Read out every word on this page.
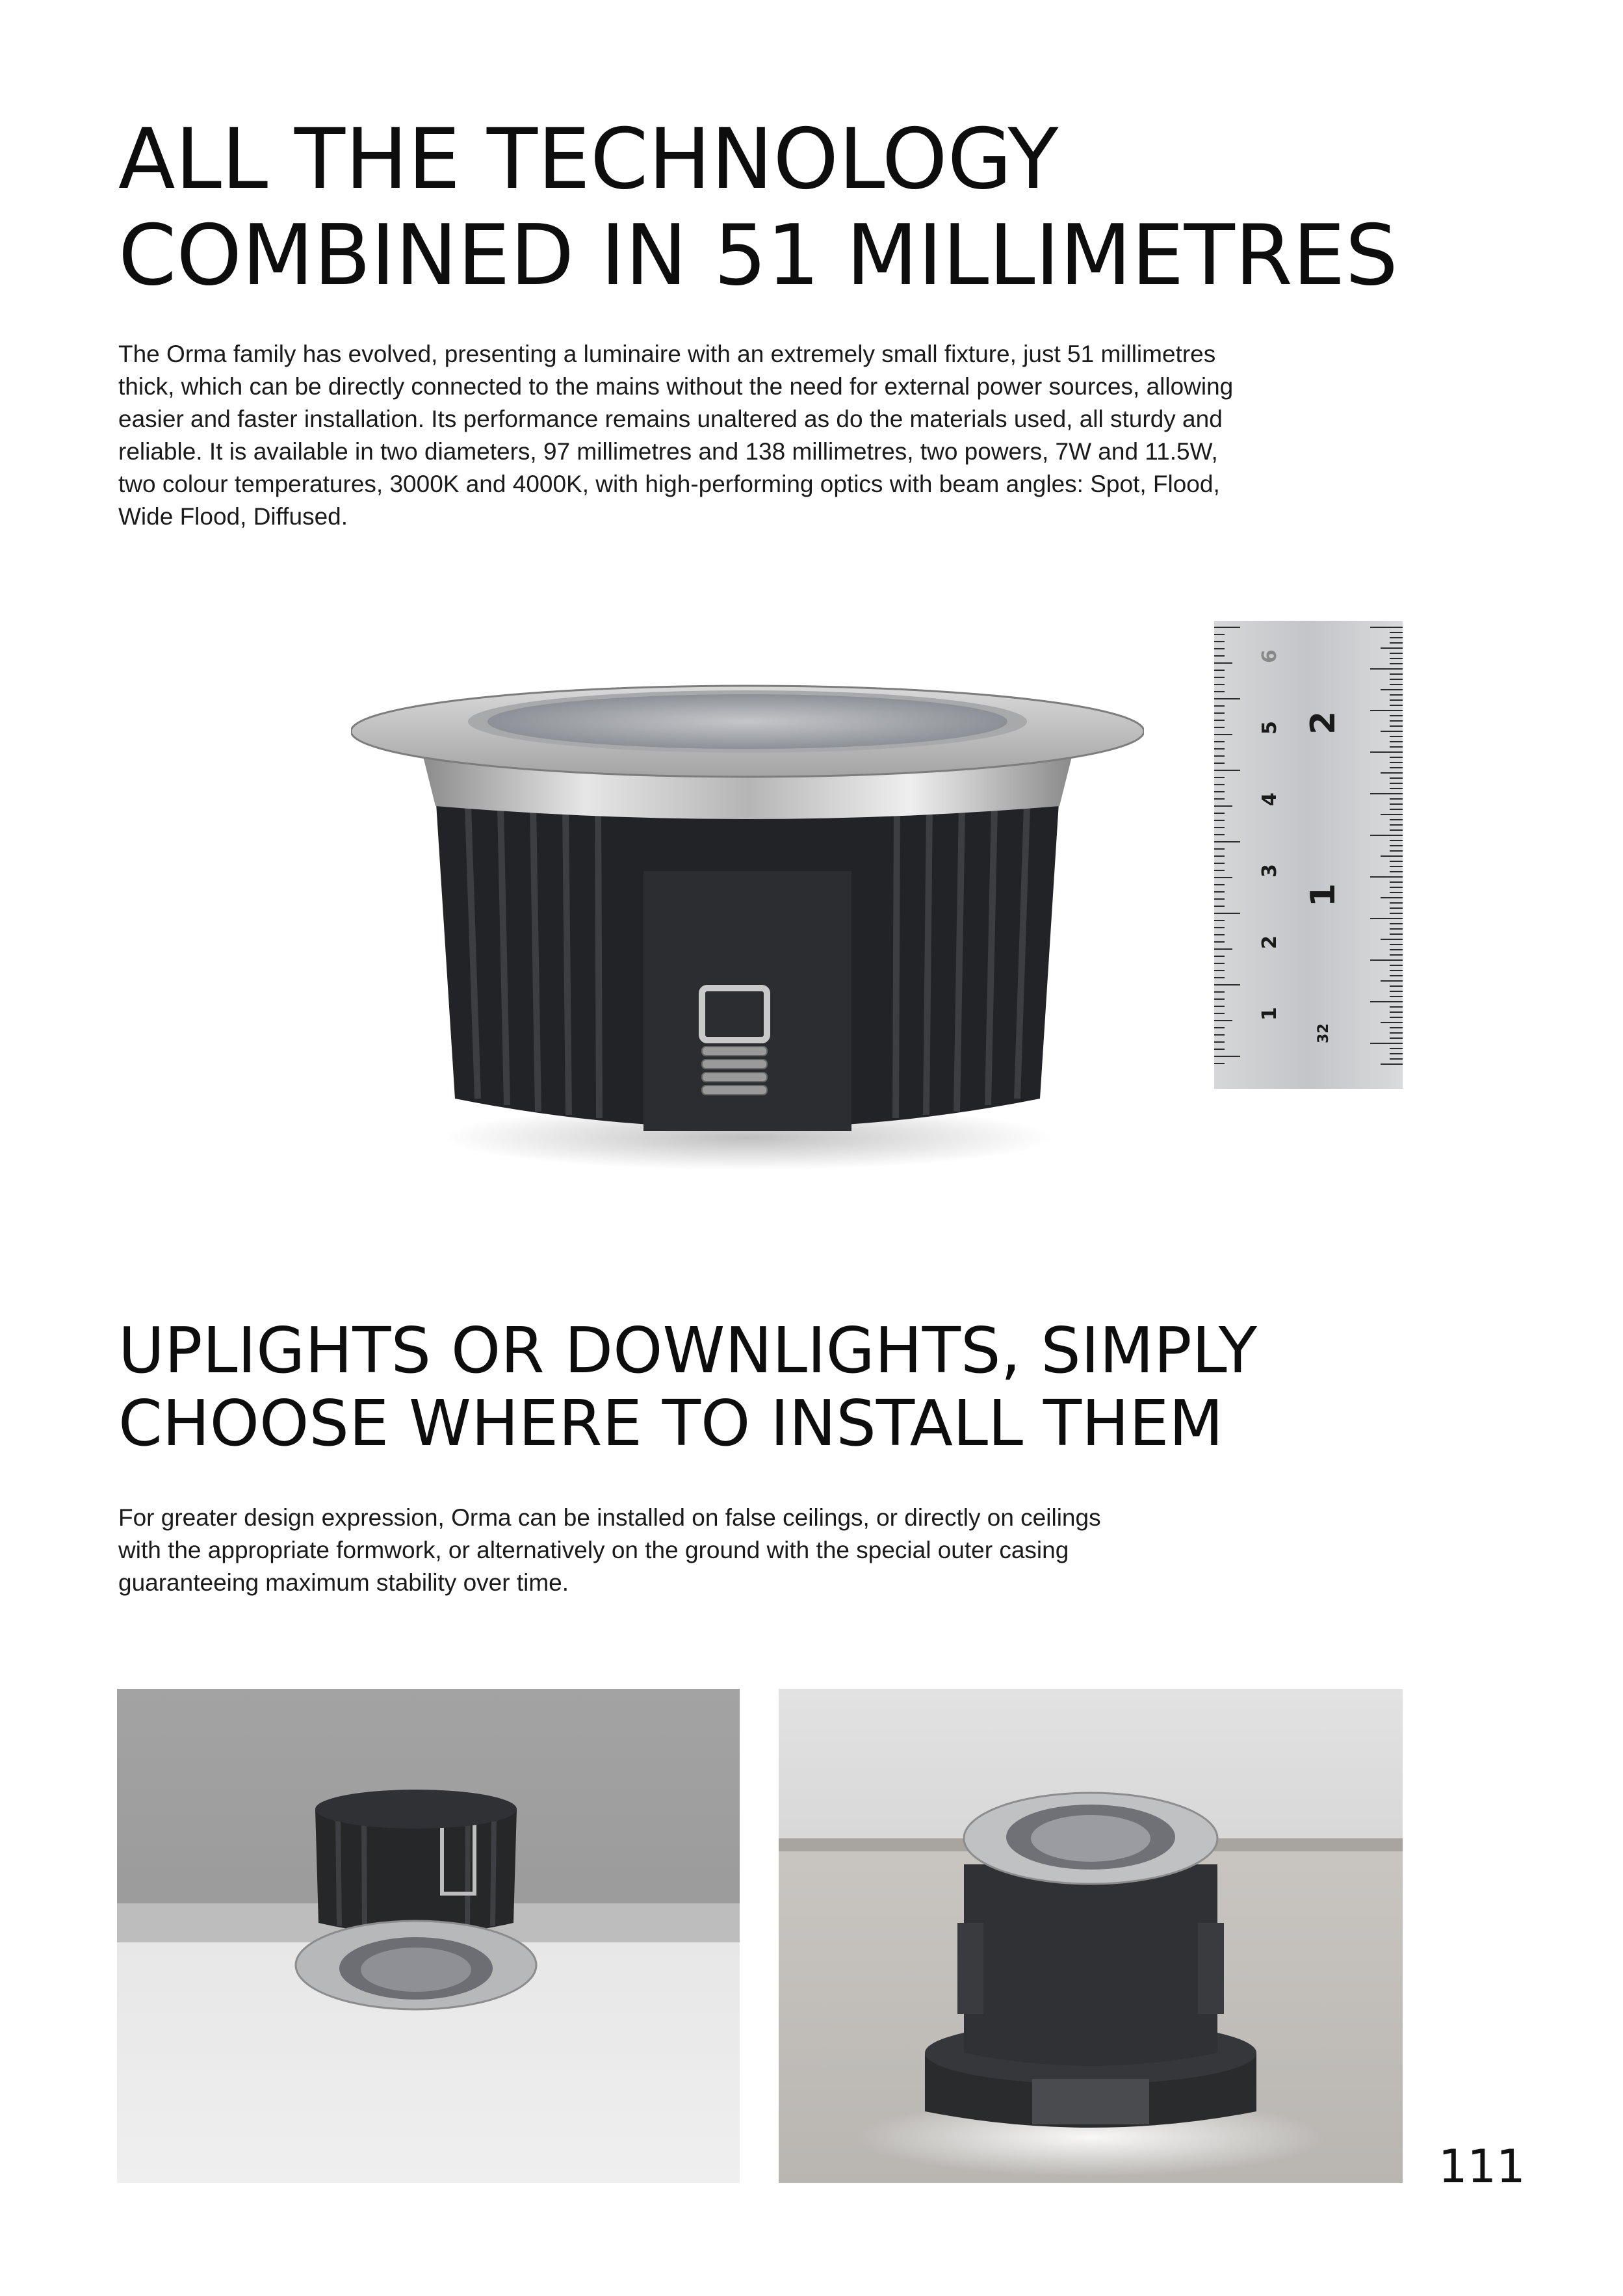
ALL THE TECHNOLOGY
COMBINED IN 51 MILLIMETRES
The Orma family has evolved, presenting a luminaire with an extremely small fixture, just 51 millimetres
thick, which can be directly connected to the mains without the need for external power sources, allowing
easier and faster installation. Its performance remains unaltered as do the materials used, all sturdy and
reliable. It is available in two diameters, 97 millimetres and 138 millimetres, two powers, 7W and 11.5W,
two colour temperatures, 3000K and 4000K, with high-performing optics with beam angles: Spot, Flood,
Wide Flood, Diffused.
1
2
3
4
5
6
1
2
32
UPLIGHTS OR DOWNLIGHTS, SIMPLY
CHOOSE WHERE TO INSTALL THEM
For greater design expression, Orma can be installed on false ceilings, or directly on ceilings
with the appropriate formwork, or alternatively on the ground with the special outer casing
guaranteeing maximum stability over time.
111
